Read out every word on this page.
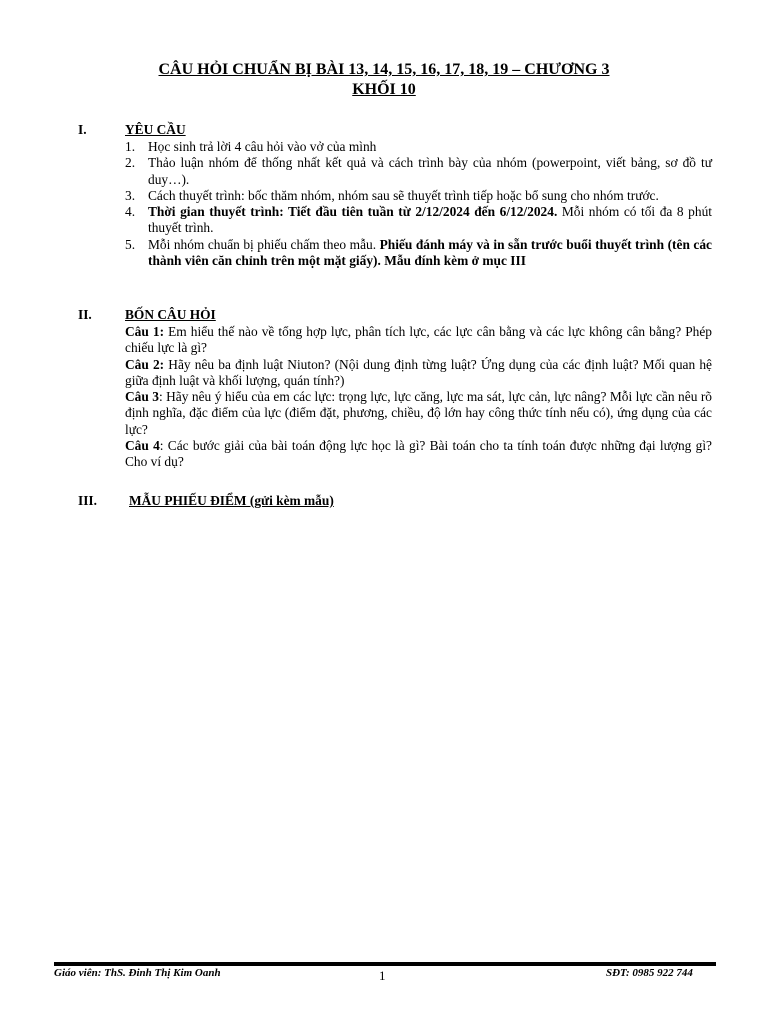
CÂU HỎI CHUẨN BỊ BÀI 13, 14, 15, 16, 17, 18, 19 – CHƯƠNG 3
KHỐI 10
I.	YÊU CẦU
1. Học sinh trả lời 4 câu hỏi vào vở của mình
2. Thảo luận nhóm để thống nhất kết quả và cách trình bày của nhóm (powerpoint, viết bảng, sơ đồ tư duy…).
3. Cách thuyết trình: bốc thăm nhóm, nhóm sau sẽ thuyết trình tiếp hoặc bổ sung cho nhóm trước.
4. Thời gian thuyết trình: Tiết đầu tiên tuần từ 2/12/2024 đến 6/12/2024. Mỗi nhóm có tối đa 8 phút thuyết trình.
5. Mỗi nhóm chuẩn bị phiếu chấm theo mẫu. Phiếu đánh máy và in sẵn trước buổi thuyết trình (tên các thành viên căn chỉnh trên một mặt giấy). Mẫu đính kèm ở mục III
II. BỐN CÂU HỎI

Câu 1: Em hiểu thế nào về tổng hợp lực, phân tích lực, các lực cân bằng và các lực không cân bằng? Phép chiếu lực là gì?

Câu 2: Hãy nêu ba định luật Niuton? (Nội dung định từng luật? Ứng dụng của các định luật? Mối quan hệ giữa định luật và khối lượng, quán tính?)

Câu 3: Hãy nêu ý hiểu của em các lực: trọng lực, lực căng, lực ma sát, lực cản, lực nâng? Mỗi lực cần nêu rõ định nghĩa, đặc điểm của lực (điểm đặt, phương, chiều, độ lớn hay công thức tính nếu có), ứng dụng của các lực?

Câu 4: Các bước giải của bài toán động lực học là gì? Bài toán cho ta tính toán được những đại lượng gì? Cho ví dụ?

III. MẪU PHIẾU ĐIỂM (gửi kèm mẫu)
Giáo viên: ThS. Đinh Thị Kim Oanh	1	SĐT: 0985 922 744
